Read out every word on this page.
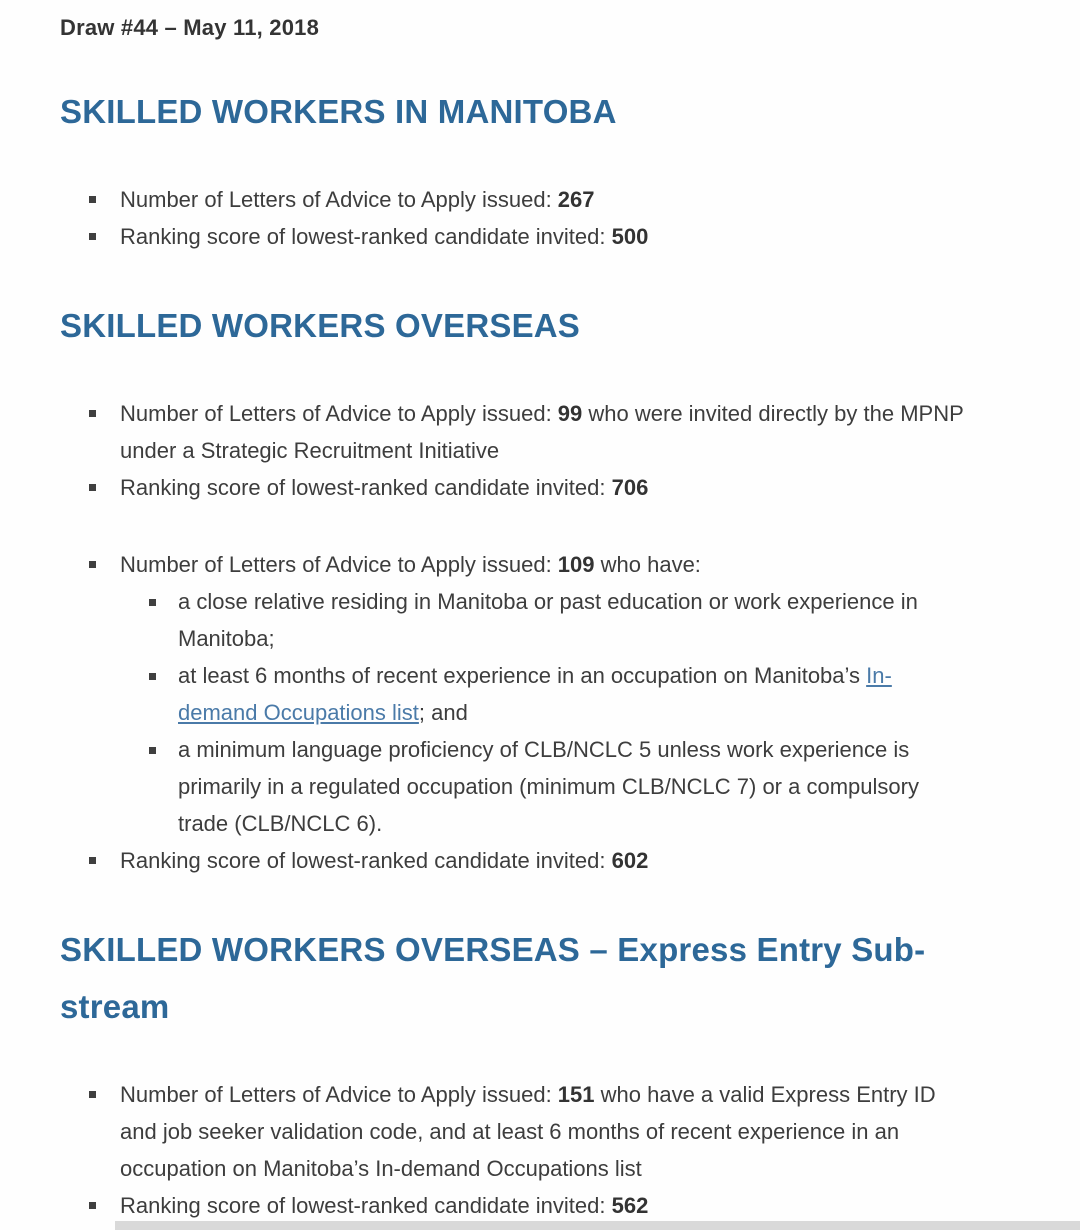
Draw #44 – May 11, 2018
SKILLED WORKERS IN MANITOBA
Number of Letters of Advice to Apply issued: 267
Ranking score of lowest-ranked candidate invited: 500
SKILLED WORKERS OVERSEAS
Number of Letters of Advice to Apply issued: 99 who were invited directly by the MPNP under a Strategic Recruitment Initiative
Ranking score of lowest-ranked candidate invited: 706
Number of Letters of Advice to Apply issued: 109 who have:
a close relative residing in Manitoba or past education or work experience in Manitoba;
at least 6 months of recent experience in an occupation on Manitoba’s In-demand Occupations list; and
a minimum language proficiency of CLB/NCLC 5 unless work experience is primarily in a regulated occupation (minimum CLB/NCLC 7) or a compulsory trade (CLB/NCLC 6).
Ranking score of lowest-ranked candidate invited: 602
SKILLED WORKERS OVERSEAS – Express Entry Sub-stream
Number of Letters of Advice to Apply issued: 151 who have a valid Express Entry ID and job seeker validation code, and at least 6 months of recent experience in an occupation on Manitoba’s In-demand Occupations list
Ranking score of lowest-ranked candidate invited: 562
